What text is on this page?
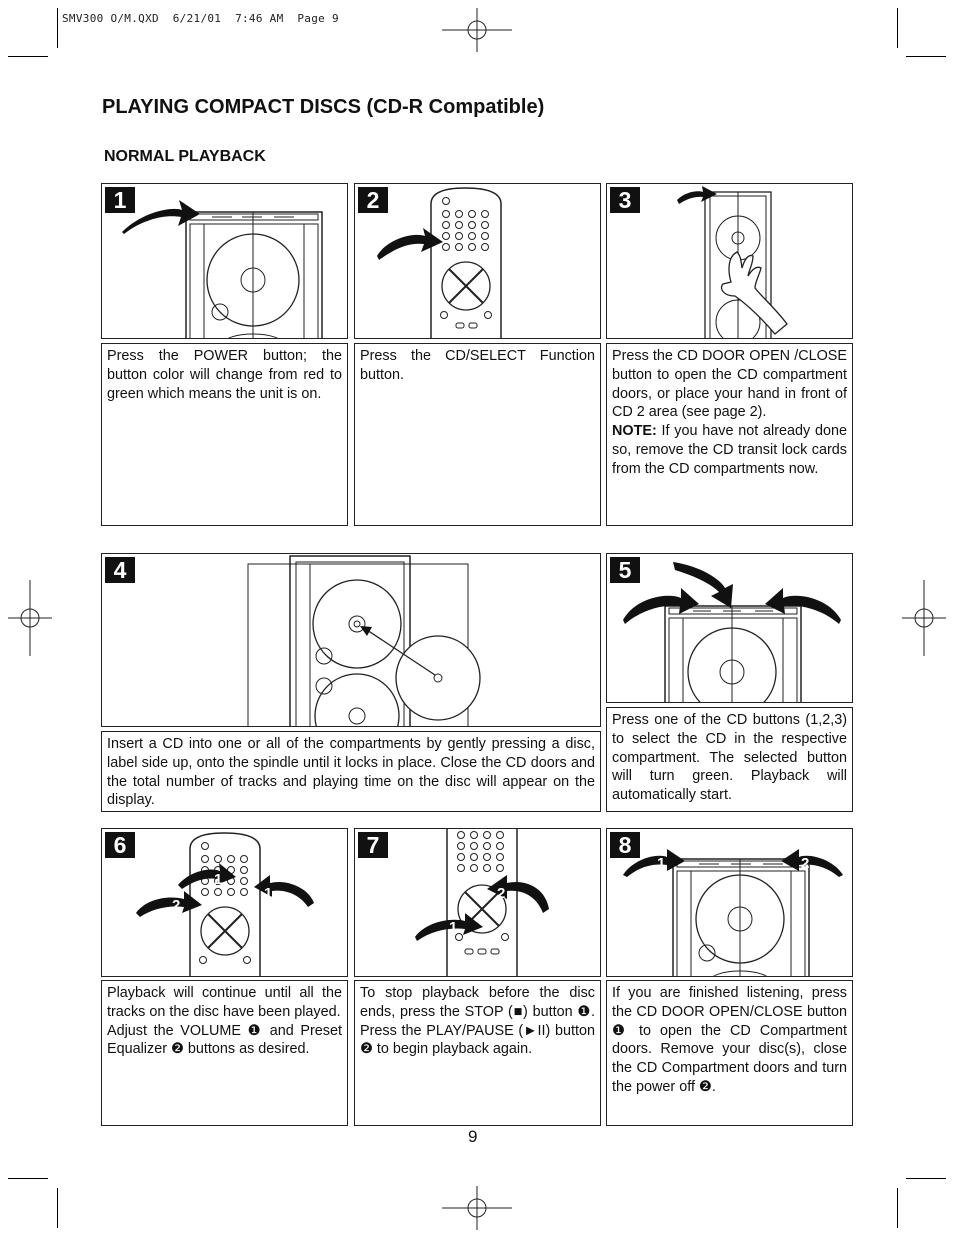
SMV300 O/M.QXD  6/21/01  7:46 AM  Page 9
PLAYING COMPACT DISCS (CD-R Compatible)
NORMAL PLAYBACK
1

Press the POWER button; the button color will change from red to green which means the unit is on.

2

Press the CD/SELECT Function button.

3

Press the CD DOOR OPEN /CLOSE button to open the CD compartment doors, or place your hand in front of CD 2 area (see page 2).
NOTE: If you have not already done so, remove the CD transit lock cards from the CD compartments now.

4

Insert a CD into one or all of the compartments by gently pressing a disc, label side up, onto the spindle until it locks in place. Close the CD doors and the total number of tracks and playing time on the disc will appear on the display.

5

Press one of the CD buttons (1,2,3) to select the CD in the respective compartment. The selected button will turn green. Playback will automatically start.

6
1
1
2

Playback will continue until all the tracks on the disc have been played.
Adjust the VOLUME ❶ and Preset Equalizer ❷ buttons as desired.

7
2
1

To stop playback before the disc ends, press the STOP (■) button ❶. Press the PLAY/PAUSE (►II) button ❷ to begin playback again.

8
1	2

If you are finished listening, press the CD DOOR OPEN/CLOSE button ❶ to open the CD Compartment doors. Remove your disc(s), close the CD Compartment doors and turn the power off ❷.

9
